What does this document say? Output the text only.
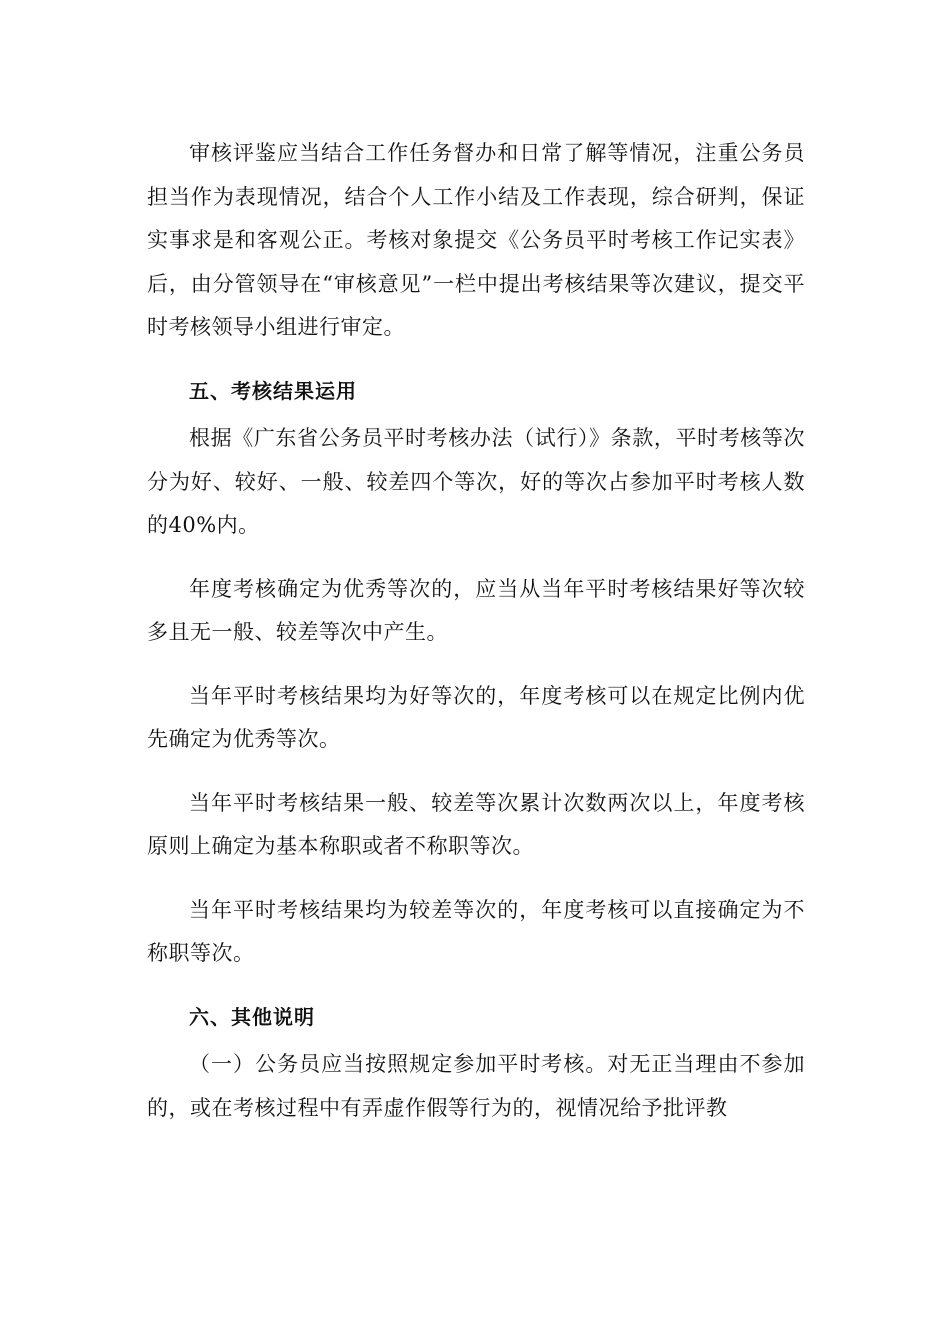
审核评鉴应当结合工作任务督办和日常了解等情况，注重公务员担当作为表现情况，结合个人工作小结及工作表现，综合研判，保证实事求是和客观公正。考核对象提交《公务员平时考核工作记实表》后，由分管领导在“审核意见”一栏中提出考核结果等次建议，提交平时考核领导小组进行审定。

五、考核结果运用

根据《广东省公务员平时考核办法（试行）》条款，平时考核等次分为好、较好、一般、较差四个等次，好的等次占参加平时考核人数的40%内。

年度考核确定为优秀等次的，应当从当年平时考核结果好等次较多且无一般、较差等次中产生。

当年平时考核结果均为好等次的，年度考核可以在规定比例内优先确定为优秀等次。

当年平时考核结果一般、较差等次累计次数两次以上，年度考核原则上确定为基本称职或者不称职等次。

当年平时考核结果均为较差等次的，年度考核可以直接确定为不称职等次。

六、其他说明

（一）公务员应当按照规定参加平时考核。对无正当理由不参加的，或在考核过程中有弄虚作假等行为的，视情况给予批评教
